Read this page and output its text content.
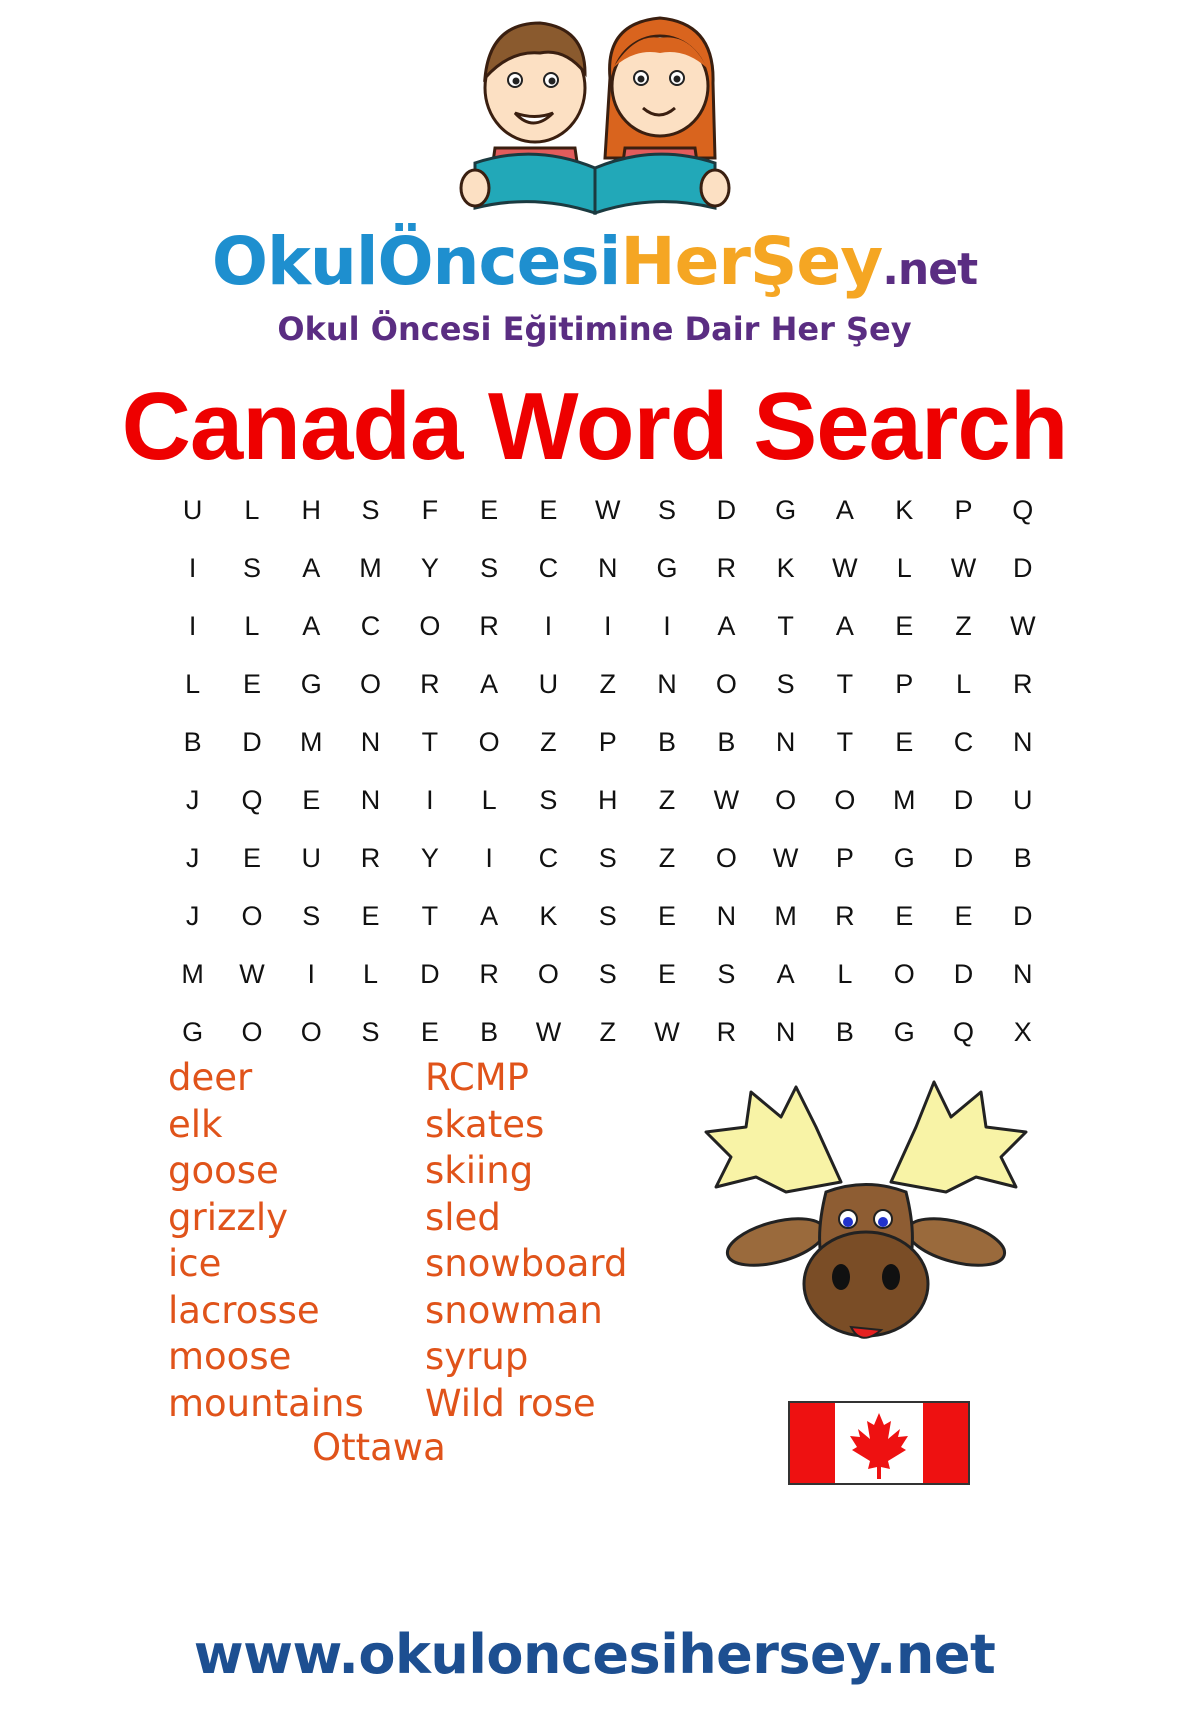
OkulÖncesiHerŞey.net
Okul Öncesi Eğitimine Dair Her Şey
Canada Word Search
U	L	H	S	F	E	E	W	S	D	G	A	K	P	Q
I	S	A	M	Y	S	C	N	G	R	K	W	L	W	D
I	L	A	C	O	R	I	I	I	A	T	A	E	Z	W
L	E	G	O	R	A	U	Z	N	O	S	T	P	L	R
B	D	M	N	T	O	Z	P	B	B	N	T	E	C	N
J	Q	E	N	I	L	S	H	Z	W	O	O	M	D	U
J	E	U	R	Y	I	C	S	Z	O	W	P	G	D	B
J	O	S	E	T	A	K	S	E	N	M	R	E	E	D
M	W	I	L	D	R	O	S	E	S	A	L	O	D	N
G	O	O	S	E	B	W	Z	W	R	N	B	G	Q	X
deer
elk
goose
grizzly
ice
lacrosse
moose
mountains
RCMP
skates
skiing
sled
snowboard
snowman
syrup
Wild rose
Ottawa
www.okuloncesihersey.net
